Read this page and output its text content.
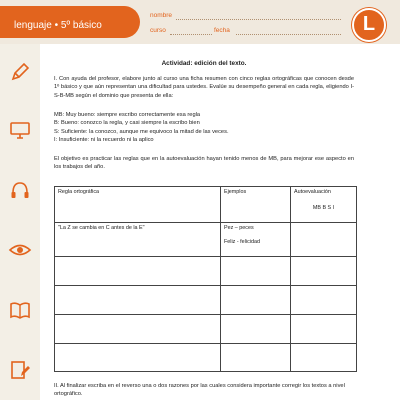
lenguaje • 5º básico
nombre
curso	fecha	L
Actividad: edición del texto.
I. Con ayuda del profesor, elabore junto al curso una ficha resumen con cinco reglas ortográficas que conocen desde 1º básico y que aún representan una dificultad para ustedes. Evalúe su desempeño general en cada regla, eligiendo I-S-B-MB según el dominio que presenta de ella:
MB: Muy bueno: siempre escribo correctamente esa regla
B: Bueno: conozco la regla, y casi siempre la escribo bien
S: Suficiente: la conozco, aunque me equivoco la mitad de las veces.
I: Insuficiente: ni la recuerdo ni la aplico
El objetivo es practicar las reglas que en la autoevaluación hayan tenido menos de MB, para mejorar ese aspecto en los trabajos del año.
Regla ortográfica	Ejemplos	Autoevaluación
MB B S I

"La Z se cambia en C antes de la E"	Pez – peces
Feliz - felicidad	

II. Al finalizar escriba en el reverso una o dos razones por las cuales considera importante corregir los textos a nivel ortográfico.
